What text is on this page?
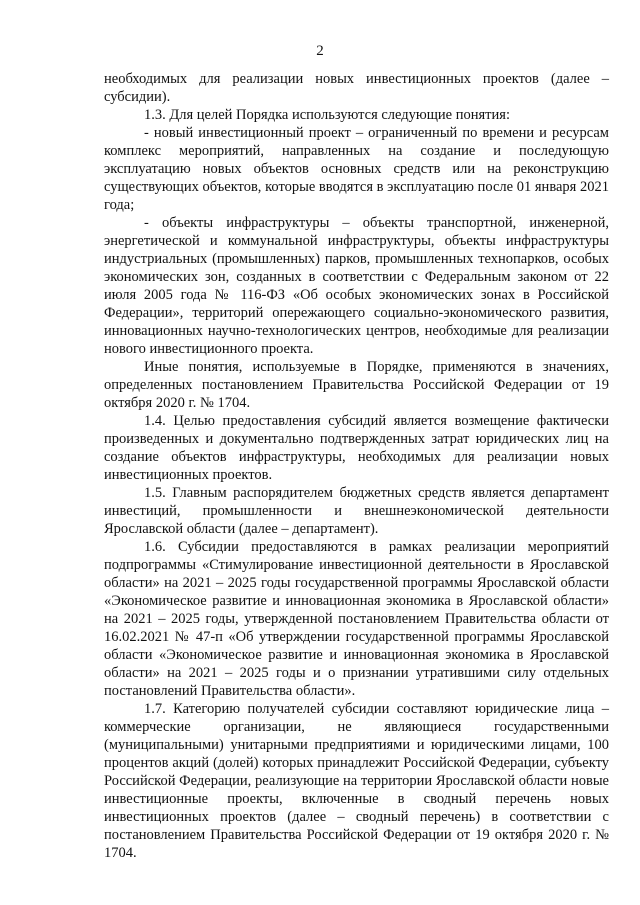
2

необходимых для реализации новых инвестиционных проектов (далее – субсидии).

1.3. Для целей Порядка используются следующие понятия:

- новый инвестиционный проект – ограниченный по времени и ресурсам комплекс мероприятий, направленных на создание и последующую эксплуатацию новых объектов основных средств или на реконструкцию существующих объектов, которые вводятся в эксплуатацию после 01 января 2021 года;

- объекты инфраструктуры – объекты транспортной, инженерной, энергетической и коммунальной инфраструктуры, объекты инфраструктуры индустриальных (промышленных) парков, промышленных технопарков, особых экономических зон, созданных в соответствии с Федеральным законом от 22 июля 2005 года № 116-ФЗ «Об особых экономических зонах в Российской Федерации», территорий опережающего социально-экономического развития, инновационных научно-технологических центров, необходимые для реализации нового инвестиционного проекта.

Иные понятия, используемые в Порядке, применяются в значениях, определенных постановлением Правительства Российской Федерации от 19 октября 2020 г. № 1704.

1.4. Целью предоставления субсидий является возмещение фактически произведенных и документально подтвержденных затрат юридических лиц на создание объектов инфраструктуры, необходимых для реализации новых инвестиционных проектов.

1.5. Главным распорядителем бюджетных средств является департамент инвестиций, промышленности и внешнеэкономической деятельности Ярославской области (далее – департамент).

1.6. Субсидии предоставляются в рамках реализации мероприятий подпрограммы «Стимулирование инвестиционной деятельности в Ярославской области» на 2021 – 2025 годы государственной программы Ярославской области «Экономическое развитие и инновационная экономика в Ярославской области» на 2021 – 2025 годы, утвержденной постановлением Правительства области от 16.02.2021 № 47-п «Об утверждении государственной программы Ярославской области «Экономическое развитие и инновационная экономика в Ярославской области» на 2021 – 2025 годы и о признании утратившими силу отдельных постановлений Правительства области».

1.7. Категорию получателей субсидии составляют юридические лица – коммерческие организации, не являющиеся государственными (муниципальными) унитарными предприятиями и юридическими лицами, 100 процентов акций (долей) которых принадлежит Российской Федерации, субъекту Российской Федерации, реализующие на территории Ярославской области новые инвестиционные проекты, включенные в сводный перечень новых инвестиционных проектов (далее – сводный перечень) в соответствии с постановлением Правительства Российской Федерации от 19 октября 2020 г. № 1704.
